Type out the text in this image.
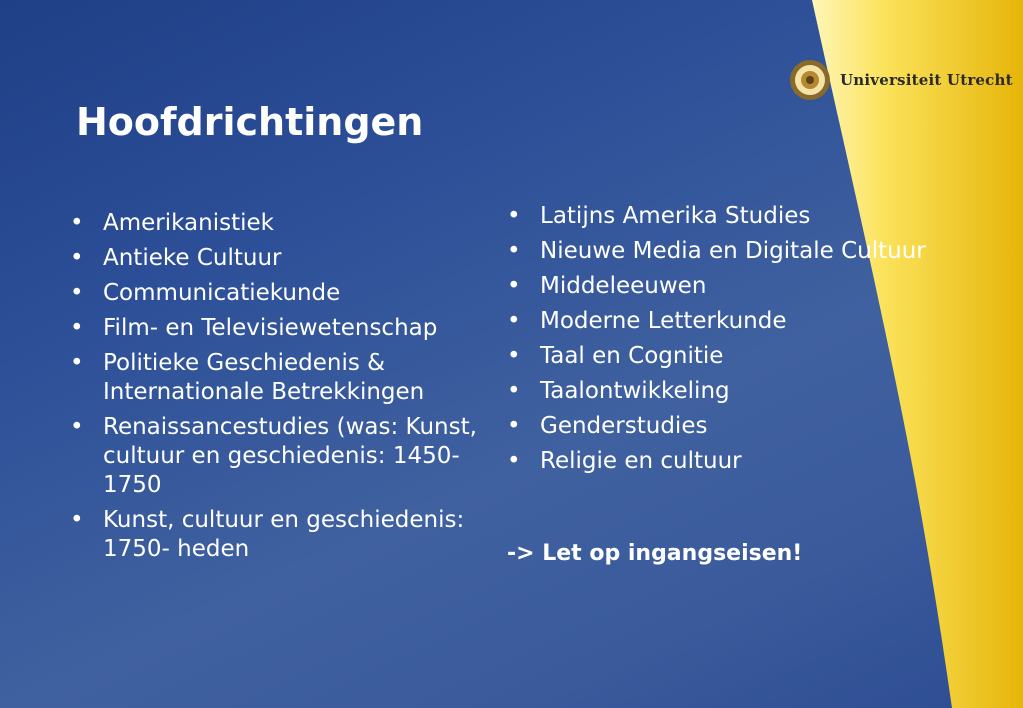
Universiteit Utrecht
Hoofdrichtingen
• Amerikanistiek
• Antieke Cultuur
• Communicatiekunde
• Film- en Televisiewetenschap
• Politieke Geschiedenis & Internationale Betrekkingen
• Renaissancestudies (was: Kunst, cultuur en geschiedenis: 1450-1750
• Kunst, cultuur en geschiedenis: 1750- heden
• Latijns Amerika Studies
• Nieuwe Media en Digitale Cultuur
• Middeleeuwen
• Moderne Letterkunde
• Taal en Cognitie
• Taalontwikkeling
• Genderstudies
• Religie en cultuur

-> Let op ingangseisen!
